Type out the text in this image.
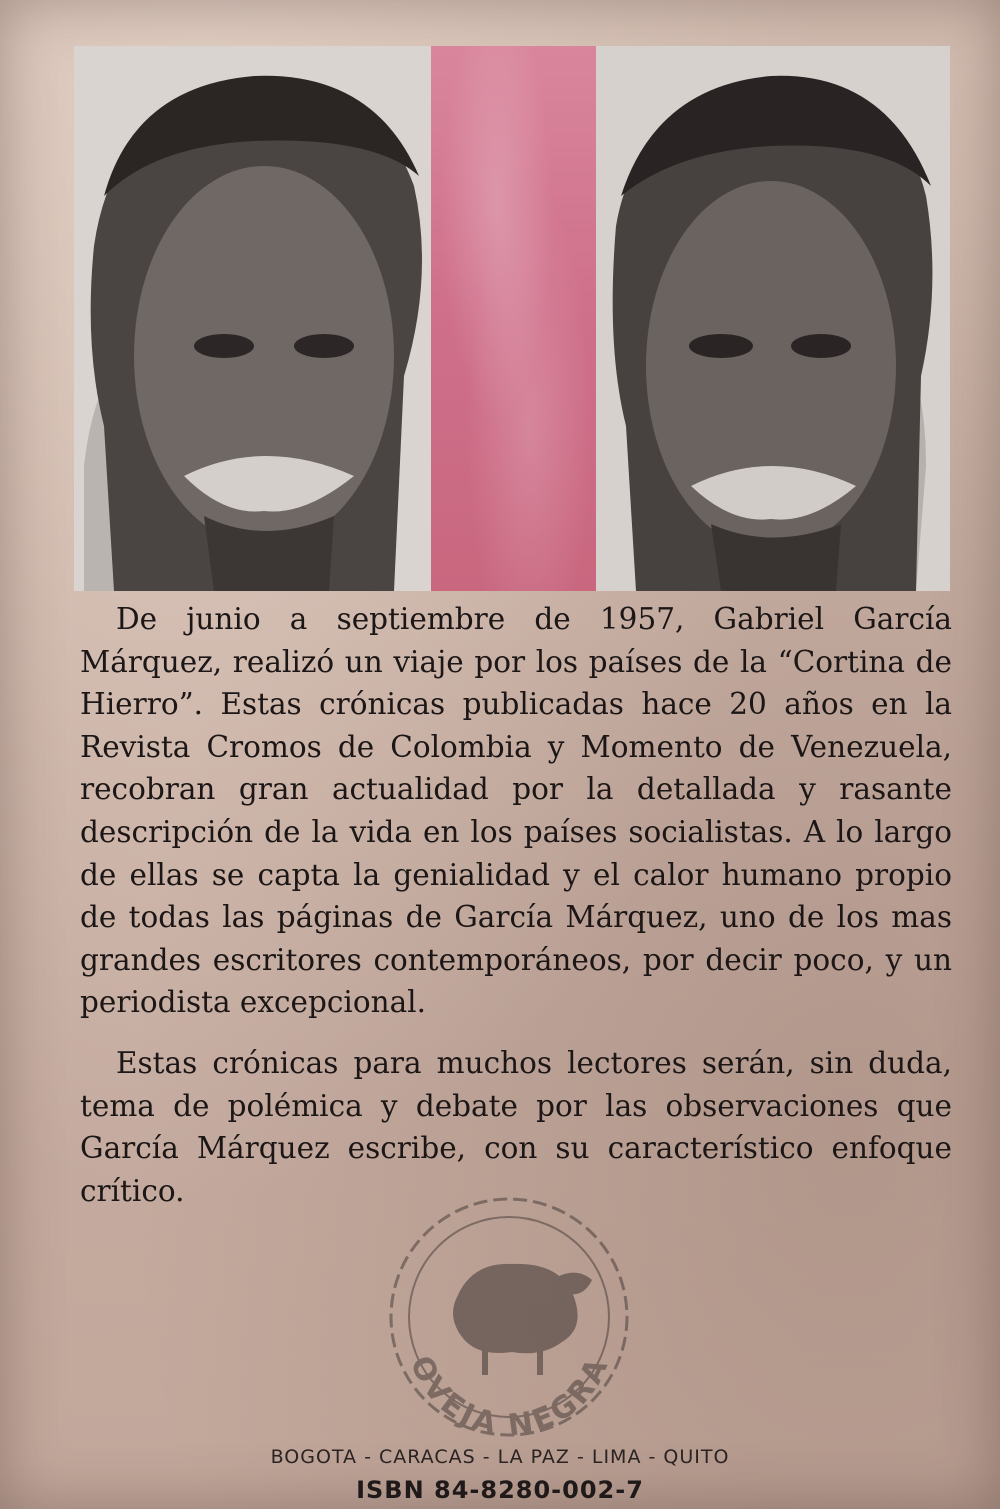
De junio a septiembre de 1957, Gabriel García Márquez, realizó un viaje por los países de la “Cortina de Hierro”. Estas crónicas publicadas hace 20 años en la Revista Cromos de Colombia y Momento de Venezuela, recobran gran actualidad por la detallada y rasante descripción de la vida en los países socialistas. A lo largo de ellas se capta la genialidad y el calor humano propio de todas las páginas de García Márquez, uno de los mas grandes escritores contemporáneos, por decir poco, y un periodista excepcional.

Estas crónicas para muchos lectores serán, sin duda, tema de polémica y debate por las observaciones que García Márquez escribe, con su característico enfoque crítico.

OVEJA NEGRA
BOGOTA - CARACAS - LA PAZ - LIMA - QUITO
ISBN 84-8280-002-7
